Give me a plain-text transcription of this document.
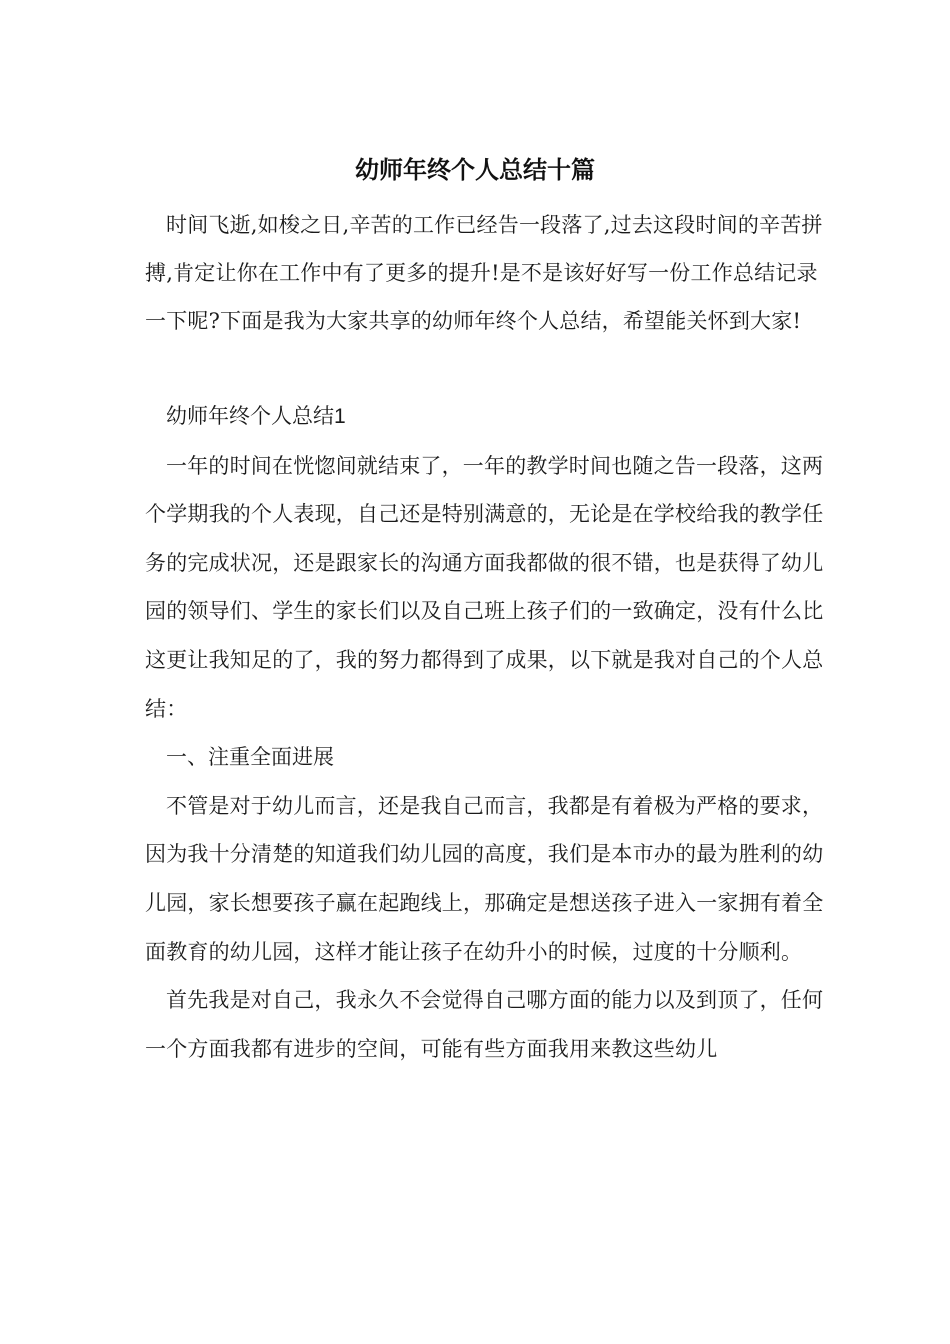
幼师年终个人总结十篇

时间飞逝,如梭之日,辛苦的工作已经告一段落了,过去这段时间的辛苦拼搏,肯定让你在工作中有了更多的提升!是不是该好好写一份工作总结记录一下呢?下面是我为大家共享的幼师年终个人总结，希望能关怀到大家!

幼师年终个人总结1

一年的时间在恍惚间就结束了，一年的教学时间也随之告一段落，这两个学期我的个人表现，自己还是特别满意的，无论是在学校给我的教学任务的完成状况，还是跟家长的沟通方面我都做的很不错，也是获得了幼儿园的领导们、学生的家长们以及自己班上孩子们的一致确定，没有什么比这更让我知足的了，我的努力都得到了成果，以下就是我对自己的个人总结：

一、注重全面进展

不管是对于幼儿而言，还是我自己而言，我都是有着极为严格的要求，因为我十分清楚的知道我们幼儿园的高度，我们是本市办的最为胜利的幼儿园，家长想要孩子赢在起跑线上，那确定是想送孩子进入一家拥有着全面教育的幼儿园，这样才能让孩子在幼升小的时候，过度的十分顺利。

首先我是对自己，我永久不会觉得自己哪方面的能力以及到顶了，任何一个方面我都有进步的空间，可能有些方面我用来教这些幼儿
